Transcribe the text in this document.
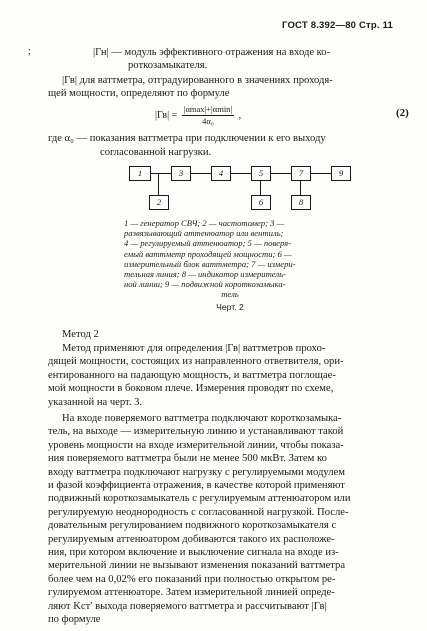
ГОСТ 8.392—80 Стр. 11
;	|Гн| — модуль эффективного отражения на входе ко-
роткозамыкателя.
|Гв| для ваттметра, отградуированного в значениях проходя-
щей мощности, определяют по формуле
$|Гв| = \frac{|\alpha\max|+|\alpha\min|}{\text{4α₀}}$ ,	(2)
где α₀ — показания ваттметра при подключении к его выходу
согласованной нагрузки.
1	3	4	5	7	9
2	6	8
1 — генератор СВЧ; 2 — частотомер; 3 —
развязывающий аттенюатор или вентиль;
4 — регулируемый аттенюатор; 5 — поверя-
емый ваттметр проходящей мощности; 6 —
измерительный блок ваттметра; 7 — измери-
тельная линия; 8 — индикатор измеритель-
ной линии; 9 — подвижной короткозамыка-
тель
Черт. 2
Метод 2
Метод применяют для определения |Гв| ваттметров прохо-
дящей мощности, состоящих из направленного ответвителя, ори-
ентированного на падающую мощность, и ваттметра поглощае-
мой мощности в боковом плече. Измерения проводят по схеме,
указанной на черт. 3.
На входе поверяемого ваттметра подключают короткозамыка-
тель, на выходе — измерительную линию и устанавливают такой
уровень мощности на входе измерительной линии, чтобы показа-
ния поверяемого ваттметра были не менее 500 мкВт. Затем ко
входу ваттметра подключают нагрузку с регулируемыми модулем
и фазой коэффициента отражения, в качестве которой применяют
подвижный короткозамыкатель с регулируемым аттенюатором или
регулируемую неоднородность с согласованной нагрузкой. После-
довательным регулированием подвижного короткозамыкателя с
регулируемым аттенюатором добиваются такого их расположе-
ния, при котором включение и выключение сигнала на входе из-
мерительной линии не вызывают изменения показаний ваттметра
более чем на 0,02% его показаний при полностью открытом ре-
гулируемом аттенюаторе. Затем измерительной линией опреде-
ляют Kст′ выхода поверяемого ваттметра и рассчитывают |Гв|
по формуле
